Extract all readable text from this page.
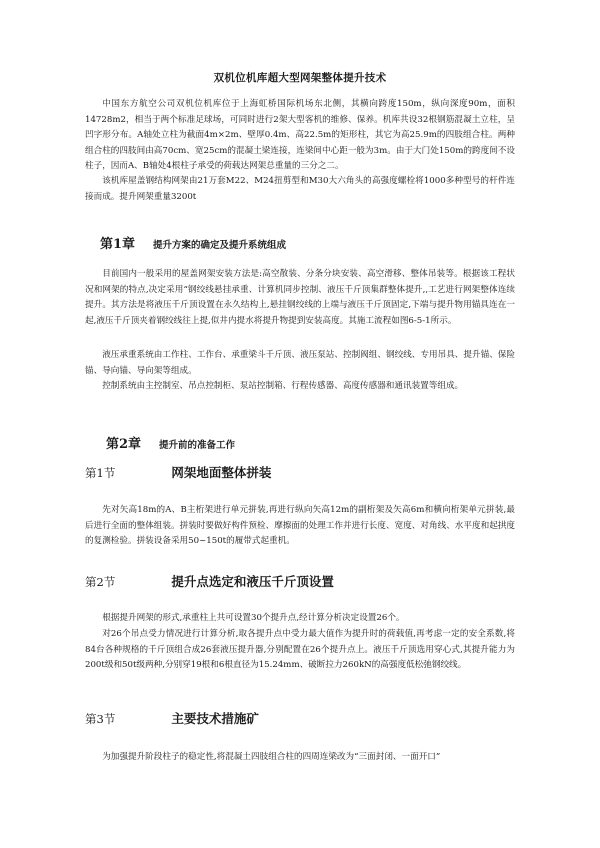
双机位机库超大型网架整体提升技术

中国东方航空公司双机位机库位于上海虹桥国际机场东北侧，其横向跨度150m，纵向深度90m，面积14728m2，相当于两个标准足球场，可同时进行2架大型客机的维修、保养。机库共设32根钢筋混凝土立柱，呈凹字形分布。A轴处立柱为截面4m×2m、壁厚0.4m、高22.5m的矩形柱，其它为高25.9m的四肢组合柱。两种组合柱的四肢间由高70cm、宽25cm的混凝土梁连接，连梁间中心距一般为3m。由于大门处150m的跨度间不设柱子，因而A、B轴处4根柱子承受的荷载达网架总重量的三分之二。

该机库屋盖钢结构网架由21万套M22、M24扭剪型和M30大六角头的高强度螺栓将1000多种型号的杆件连接而成。提升网架重量3200t

第1章 提升方案的确定及提升系统组成

目前国内一般采用的屋盖网架安装方法是:高空散装、分条分块安装、高空滑移、整体吊装等。根据该工程状况和网架的特点,决定采用“钢绞线悬挂承重、计算机同步控制、液压千斤顶集群整体提升,,工艺进行网架整体连续提升。其方法是将液压千斤顶设置在永久结构上,悬挂钢绞线的上端与液压千斤顶固定,下端与提升物用锚具连在一起,液压千斤顶夹着钢绞线往上提,似井内提水将提升物提到安装高度。其施工流程如图6-5-1所示。

液压承重系统由工作柱、工作台、承重梁斗千斤顶、液压泵站、控制阀组、钢绞线、专用吊具、提升锚、保险锚、导向锚、导向架等组成。

控制系统由主控制室、吊点控制柜、泵站控制箱、行程传感器、高度传感器和通讯装置等组成。

第2章 提升前的准备工作
第1节	网架地面整体拼装

先对矢高18m的A、B主桁架进行单元拼装,再进行纵向矢高12m的副桁架及矢高6m和横向桁架单元拼装,最后进行全面的整体组装。拼装时要做好构件预检、摩擦面的处理工作并进行长度、宽度、对角线、水平度和起拱度的复测检验。拼装设备采用50~150t的履带式起重机。

第2节	提升点选定和液压千斤顶设置

根据提升网架的形式,承重柱上共可设置30个提升点,经计算分析决定设置26个。

对26个吊点受力情况进行计算分析,取各提升点中受力最大值作为提升时的荷载值,再考虑一定的安全系数,将84台各种规格的千斤顶组合成26套液压提升器,分别配置在26个提升点上。液压千斤顶选用穿心式,其提升能力为200t级和50t级两种,分别穿19根和6根直径为15.24mm、破断拉力260kN的高强度低松弛钢绞线。

第3节	主要技术措施矿

为加强提升阶段柱子的稳定性,将混凝土四肢组合柱的四周连梁改为“三面封闭、一面开口”
